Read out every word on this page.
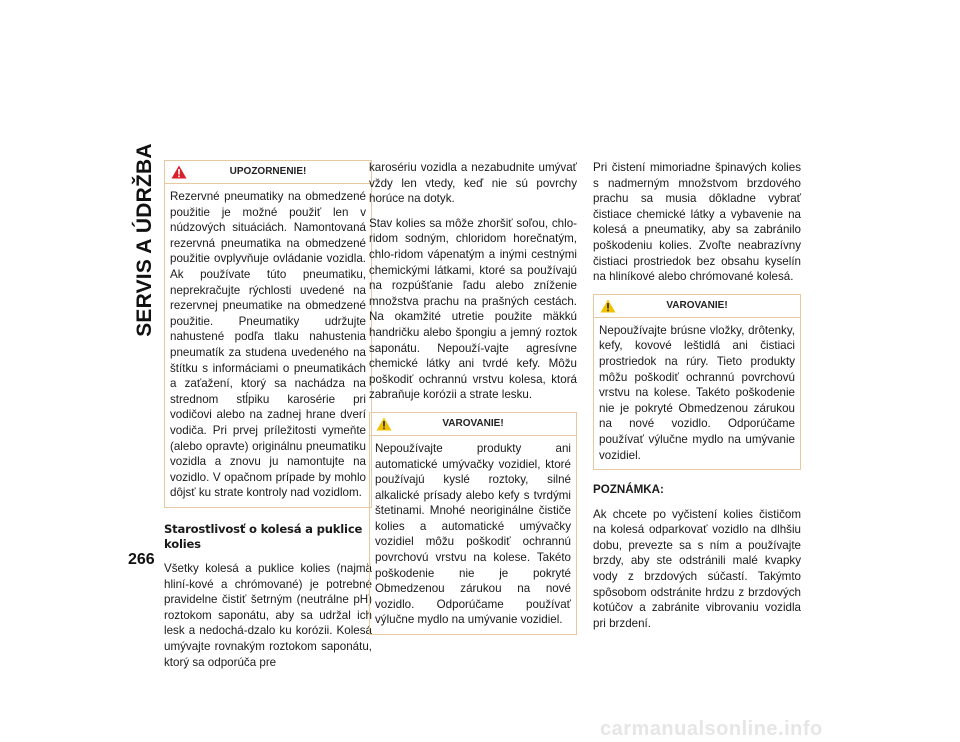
SERVIS A ÚDRŽBA
266
UPOZORNENIE!

Rezervné pneumatiky na obmedzené použitie je možné použiť len v núdzových situáciách. Namontovaná rezervná pneumatika na obmedzené použitie ovplyvňuje ovládanie vozidla. Ak používate túto pneumatiku, neprekračujte rýchlosti uvedené na rezervnej pneumatike na obmedzené použitie. Pneumatiky udržujte nahustené podľa tlaku nahustenia pneumatík za studena uvedeného na štítku s informáciami o pneumatikách a zaťažení, ktorý sa nachádza na strednom stĺpiku karosérie pri vodičovi alebo na zadnej hrane dverí vodiča. Pri prvej príležitosti vymeňte (alebo opravte) originálnu pneumatiku vozidla a znovu ju namontujte na vozidlo. V opačnom prípade by mohlo dôjsť ku strate kontroly nad vozidlom.

Starostlivosť o kolesá a puklice kolies

Všetky kolesá a puklice kolies (najmä hliní-kové a chrómované) je potrebné pravidelne čistiť šetrným (neutrálne pH) roztokom saponátu, aby sa udržal ich lesk a nedochá-dzalo ku korózii. Kolesá umývajte rovnakým roztokom saponátu, ktorý sa odporúča pre

karosériu vozidla a nezabudnite umývať vždy len vtedy, keď nie sú povrchy horúce na dotyk.

Stav kolies sa môže zhoršiť soľou, chlo-ridom sodným, chloridom horečnatým, chlo-ridom vápenatým a inými cestnými chemickými látkami, ktoré sa používajú na rozpúšťanie ľadu alebo zníženie množstva prachu na prašných cestách. Na okamžité utretie použite mäkkú handričku alebo špongiu a jemný roztok saponátu. Nepouží-vajte agresívne chemické látky ani tvrdé kefy. Môžu poškodiť ochrannú vrstvu kolesa, ktorá zabraňuje korózii a strate lesku.

VAROVANIE!

Nepoužívajte produkty ani automatické umývačky vozidiel, ktoré používajú kyslé roztoky, silné alkalické prísady alebo kefy s tvrdými štetinami. Mnohé neoriginálne čističe kolies a automatické umývačky vozidiel môžu poškodiť ochrannú povrchovú vrstvu na kolese. Takéto poškodenie nie je pokryté Obmedzenou zárukou na nové vozidlo. Odporúčame používať výlučne mydlo na umývanie vozidiel.

Pri čistení mimoriadne špinavých kolies s nadmerným množstvom brzdového prachu sa musia dôkladne vybrať čistiace chemické látky a vybavenie na kolesá a pneumatiky, aby sa zabránilo poškodeniu kolies. Zvoľte neabrazívny čistiaci prostriedok bez obsahu kyselín na hliníkové alebo chrómované kolesá.

VAROVANIE!

Nepoužívajte brúsne vložky, drôtenky, kefy, kovové leštidlá ani čistiaci prostriedok na rúry. Tieto produkty môžu poškodiť ochrannú povrchovú vrstvu na kolese. Takéto poškodenie nie je pokryté Obmedzenou zárukou na nové vozidlo. Odporúčame používať výlučne mydlo na umývanie vozidiel.

POZNÁMKA:

Ak chcete po vyčistení kolies čističom na kolesá odparkovať vozidlo na dlhšiu dobu, prevezte sa s ním a používajte brzdy, aby ste odstránili malé kvapky vody z brzdových súčastí. Takýmto spôsobom odstránite hrdzu z brzdových kotúčov a zabránite vibrovaniu vozidla pri brzdení.

carmanualsonline.info
